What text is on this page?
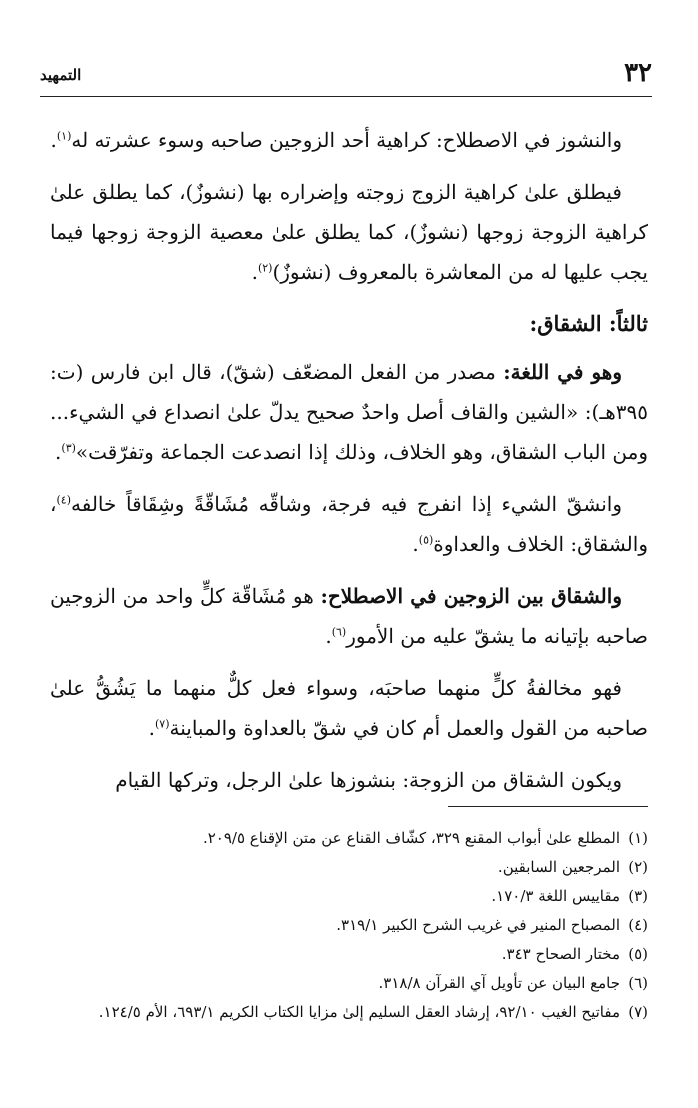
٣٢
التمهيد

والنشوز في الاصطلاح: كراهية أحد الزوجين صاحبه وسوء عشرته له$^{(١)}$.

فيطلق علىٰ كراهية الزوج زوجته وإضراره بها (نشوزٌ)، كما يطلق علىٰ كراهية الزوجة زوجها (نشوزٌ)، كما يطلق علىٰ معصية الزوجة زوجها فيما يجب عليها له من المعاشرة بالمعروف (نشوزٌ)$^{(٢)}$.

ثالثاً: الشقاق:

وهو في اللغة: مصدر من الفعل المضعّف (شقّ)، قال ابن فارس (ت: ٣٩٥هـ): «الشين والقاف أصل واحدٌ صحيح يدلّ علىٰ انصداع في الشيء... ومن الباب الشقاق، وهو الخلاف، وذلك إذا انصدعت الجماعة وتفرّقت»$^{(٣)}$.

وانشقّ الشيء إذا انفرج فيه فرجة، وشاقّه مُشَاقّةً وشِقَاقاً خالفه$^{(٤)}$، والشقاق: الخلاف والعداوة$^{(٥)}$.

والشقاق بين الزوجين في الاصطلاح: هو مُشَاقّة كلٍّ واحد من الزوجين صاحبه بإتيانه ما يشقّ عليه من الأمور$^{(٦)}$.

فهو مخالفةُ كلٍّ منهما صاحبَه، وسواء فعل كلٌّ منهما ما يَشُقُّ علىٰ صاحبه من القول والعمل أم كان في شقّ بالعداوة والمباينة$^{(٧)}$.

ويكون الشقاق من الزوجة: بنشوزها علىٰ الرجل، وتركها القيام

(١)
المطلع علىٰ أبواب المقنع ٣٢٩، كشّاف القناع عن متن الإقناع ٢٠٩/٥.
(٢)
المرجعين السابقين.
(٣)
مقاييس اللغة ١٧٠/٣.
(٤)
المصباح المنير في غريب الشرح الكبير ٣١٩/١.
(٥)
مختار الصحاح ٣٤٣.
(٦)
جامع البيان عن تأويل آي القرآن ٣١٨/٨.
(٧)
مفاتيح الغيب ٩٢/١٠، إرشاد العقل السليم إلىٰ مزايا الكتاب الكريم ٦٩٣/١، الأم ١٢٤/٥.
